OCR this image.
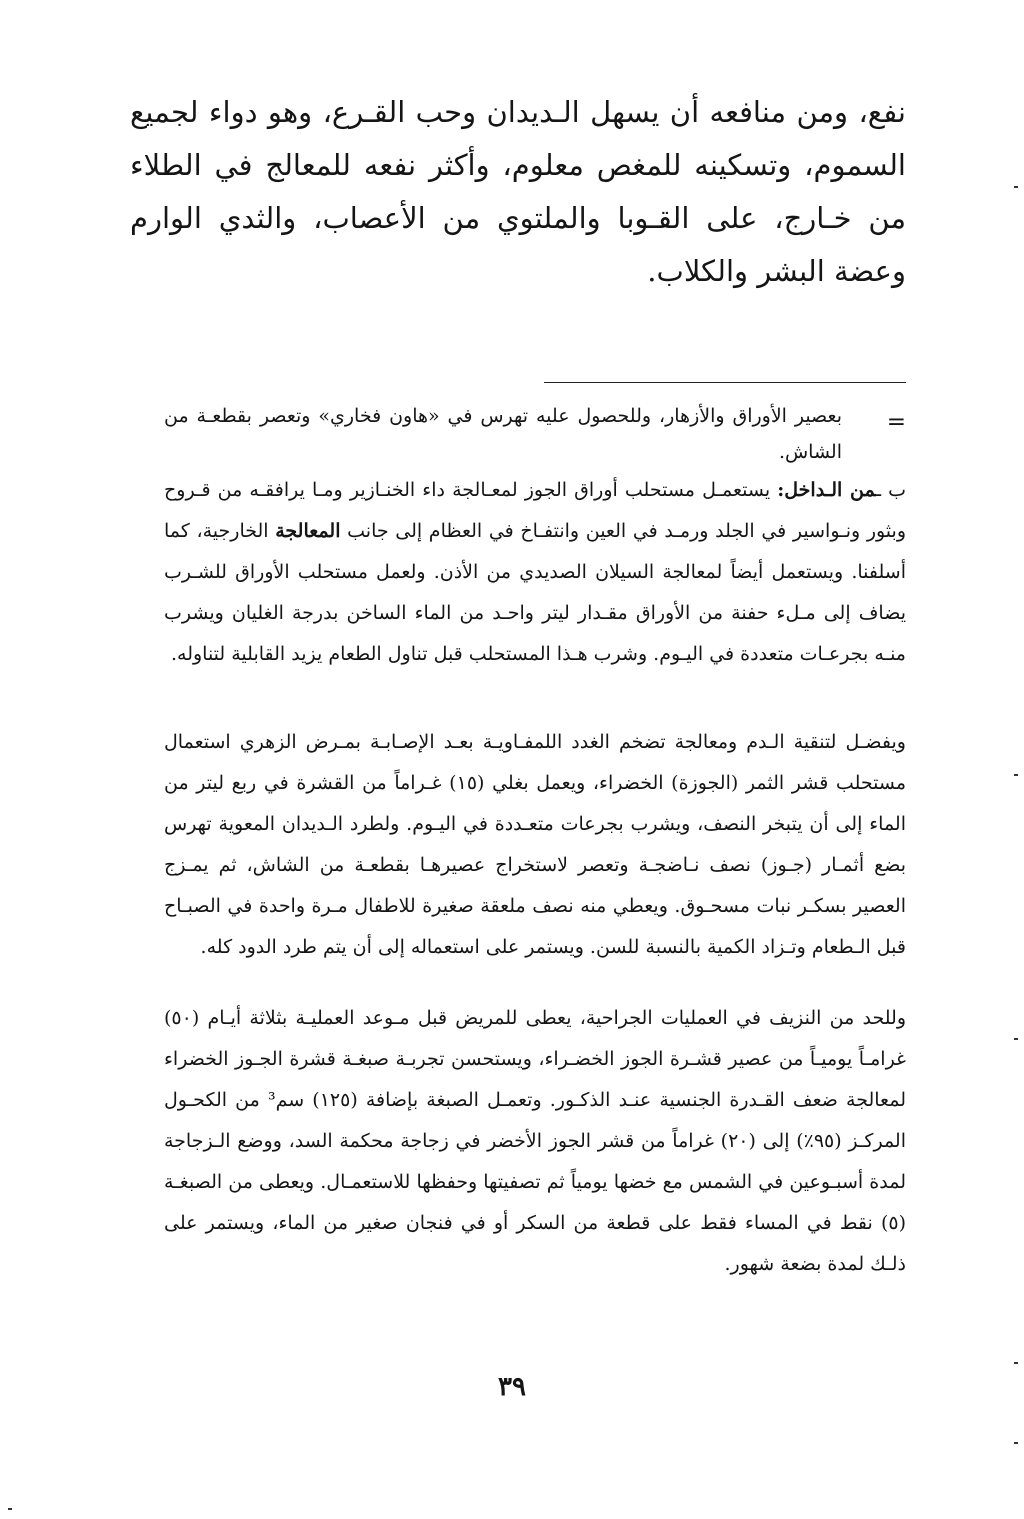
نفع، ومن منافعه أن يسهل الـديدان وحب القـرع، وهو دواء لجميع السموم، وتسكينه للمغص معلوم، وأكثر نفعه للمعالج في الطلاء من خـارج، على القـوبا والملتوي من الأعصاب، والثدي الوارم وعضة البشر والكلاب.

=

بعصير الأوراق والأزهار، وللحصول عليه تهرس في «هاون فخاري» وتعصر بقطعـة من الشاش.

ب ـمن الـداخل: يستعمـل مستحلب أوراق الجوز لمعـالجة داء الخنـازير ومـا يرافقـه من قـروح وبثور ونـواسير في الجلد ورمـد في العين وانتفـاخ في العظام إلى جانب المعالجة الخارجية، كما أسلفنا. ويستعمل أيضاً لمعالجة السيلان الصديدي من الأذن. ولعمل مستحلب الأوراق للشـرب يضاف إلى مـلء حفنة من الأوراق مقـدار ليتر واحـد من الماء الساخن بدرجة الغليان ويشرب منـه بجرعـات متعددة في اليـوم. وشرب هـذا المستحلب قبل تناول الطعام يزيد القابلية لتناوله.

ويفضـل لتنقية الـدم ومعالجة تضخم الغدد اللمفـاويـة بعـد الإصـابـة بمـرض الزهري استعمال مستحلب قشر الثمر (الجوزة) الخضراء، ويعمل بغلي (١٥) غـراماً من القشرة في ربع ليتر من الماء إلى أن يتبخر النصف، ويشرب بجرعات متعـددة في اليـوم. ولطرد الـديدان المعوية تهرس بضع أثمـار (جـوز) نصف نـاضجـة وتعصر لاستخراج عصيرهـا بقطعـة من الشاش، ثم يمـزج العصير بسكـر نبات مسحـوق. ويعطي منه نصف ملعقة صغيرة للاطفال مـرة واحدة في الصبـاح قبل الـطعام وتـزاد الكمية بالنسبة للسن. ويستمر على استعماله إلى أن يتم طرد الدود كله.

وللحد من النزيف في العمليات الجراحية، يعطى للمريض قبل مـوعد العمليـة بثلاثة أيـام (٥٠) غرامـاً يوميـاً من عصير قشـرة الجوز الخضـراء، ويستحسن تجربـة صبغـة قشرة الجـوز الخضراء لمعالجة ضعف القـدرة الجنسية عنـد الذكـور. وتعمـل الصبغة بإضافة (١٢٥) سم³ من الكحـول المركـز (٩٥٪) إلى (٢٠) غراماً من قشر الجوز الأخضر في زجاجة محكمة السد، ووضع الـزجاجة لمدة أسبـوعين في الشمس مع خضها يومياً ثم تصفيتها وحفظها للاستعمـال. ويعطى من الصبغـة (٥) نقط في المساء فقط على قطعة من السكر أو في فنجان صغير من الماء، ويستمر على ذلـك لمدة بضعة شهور.

٣٩
